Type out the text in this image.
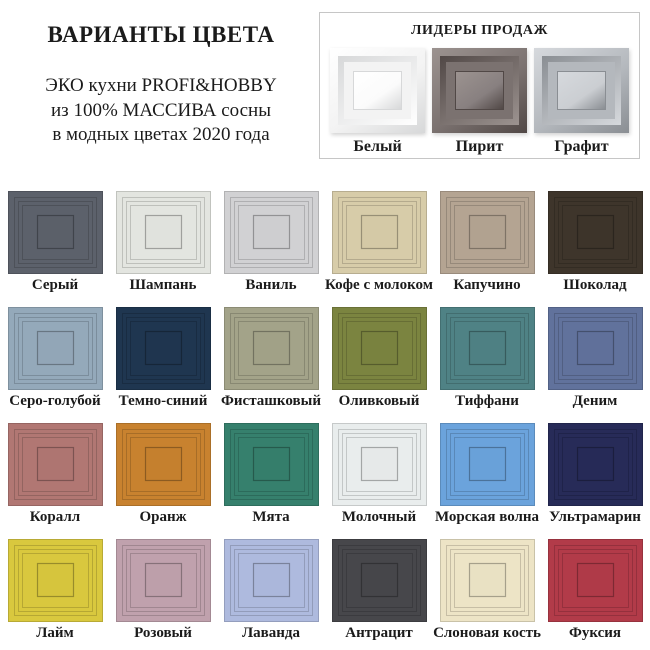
ВАРИАНТЫ ЦВЕТА
ЭКО кухни PROFI&HOBBY
из 100% МАССИВА сосны
в модных цветах 2020 года
ЛИДЕРЫ ПРОДАЖ
Белый	Пирит	Графит
Серый	Шампань	Ваниль Кофе с молоком Капучино	Шоколад
Серо-голубой Темно-синий Фисташковый Оливковый Тиффани	Деним
Коралл	Оранж	Мята	Молочный Морская волна Ультрамарин
Лайм	Розовый	Лаванда	Антрацит Слоновая кость Фуксия
